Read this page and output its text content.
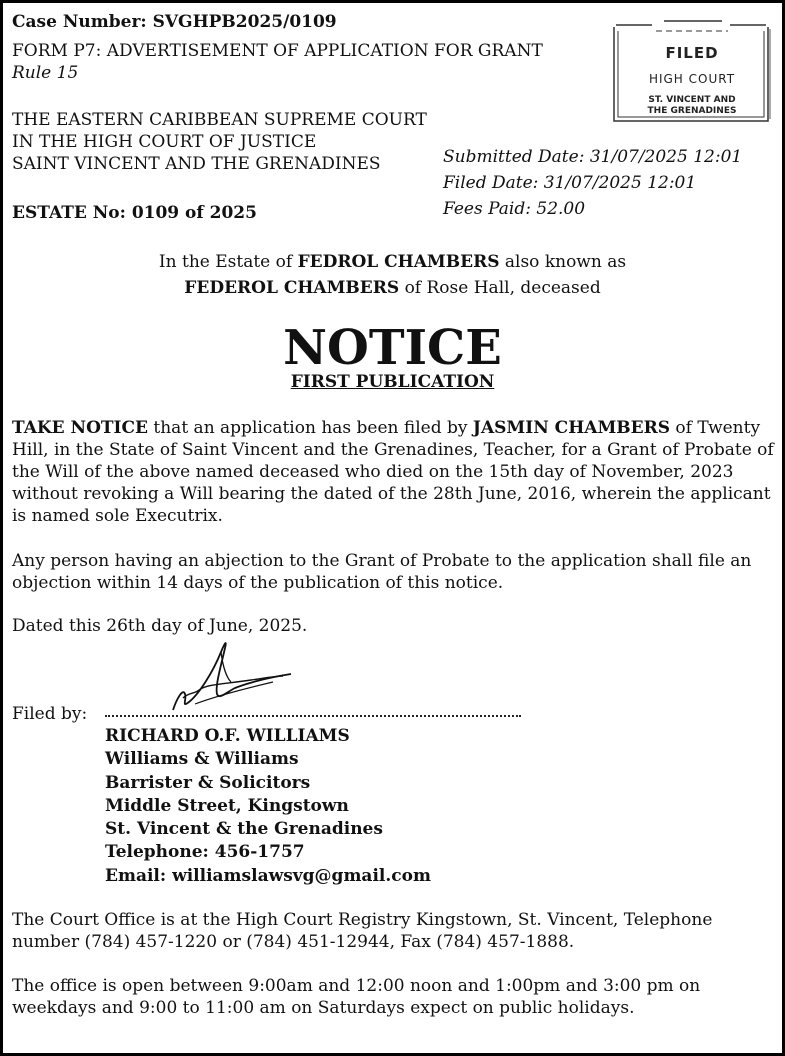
Case Number: SVGHPB2025/0109
FORM P7: ADVERTISEMENT OF APPLICATION FOR GRANT
Rule 15
THE EASTERN CARIBBEAN SUPREME COURT
IN THE HIGH COURT OF JUSTICE
SAINT VINCENT AND THE GRENADINES
ESTATE No: 0109 of 2025
Submitted Date: 31/07/2025 12:01
Filed Date: 31/07/2025 12:01
Fees Paid: 52.00
FILED
HIGH COURT
ST. VINCENT AND
THE GRENADINES
In the Estate of FEDROL CHAMBERS also known as
FEDEROL CHAMBERS of Rose Hall, deceased
NOTICE
FIRST PUBLICATION
TAKE NOTICE that an application has been filed by JASMIN CHAMBERS of Twenty Hill, in the State of Saint Vincent and the Grenadines, Teacher, for a Grant of Probate of the Will of the above named deceased who died on the 15th day of November, 2023 without revoking a Will bearing the dated of the 28th June, 2016, wherein the applicant is named sole Executrix.
Any person having an abjection to the Grant of Probate to the application shall file an objection within 14 days of the publication of this notice.
Dated this 26th day of June, 2025.
Filed by:
RICHARD O.F. WILLIAMS
Williams & Williams
Barrister & Solicitors
Middle Street, Kingstown
St. Vincent & the Grenadines
Telephone: 456-1757
Email: williamslawsvg@gmail.com
The Court Office is at the High Court Registry Kingstown, St. Vincent, Telephone number (784) 457-1220 or (784) 451-12944, Fax (784) 457-1888.
The office is open between 9:00am and 12:00 noon and 1:00pm and 3:00 pm on weekdays and 9:00 to 11:00 am on Saturdays expect on public holidays.
